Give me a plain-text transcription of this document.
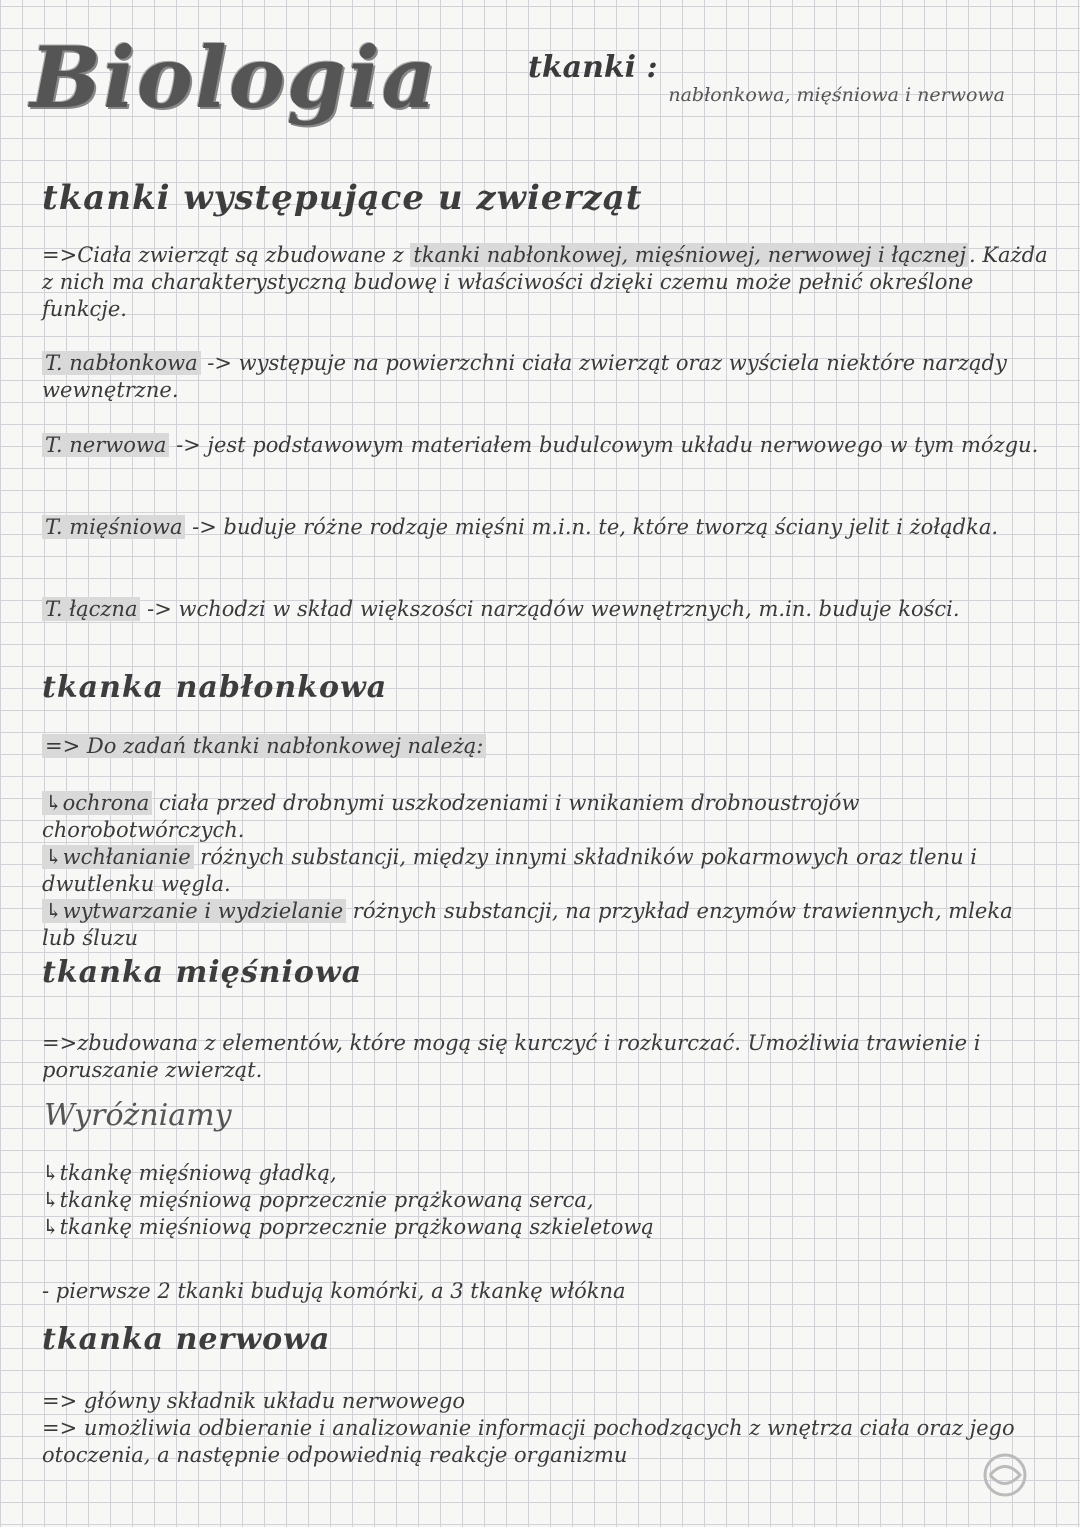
Biologia	tkanki :
nabłonkowa, mięśniowa i nerwowa
tkanki występujące u zwierząt
=>Ciała zwierząt są zbudowane z tkanki nabłonkowej, mięśniowej, nerwowej i łącznej . Każda z nich ma charakterystyczną budowę i właściwości dzięki czemu może pełnić określone funkcje.
T. nabłonkowa -> występuje na powierzchni ciała zwierząt oraz wyściela niektóre narządy wewnętrzne.
T. nerwowa -> jest podstawowym materiałem budulcowym układu nerwowego w tym mózgu.
T. mięśniowa -> buduje różne rodzaje mięśni m.i.n. te, które tworzą ściany jelit i żołądka.
T. łączna -> wchodzi w skład większości narządów wewnętrznych, m.in. buduje kości.
tkanka nabłonkowa
=> Do zadań tkanki nabłonkowej należą:
↳ochrona ciała przed drobnymi uszkodzeniami i wnikaniem drobnoustrojów chorobotwórczych.
↳wchłanianie różnych substancji, między innymi składników pokarmowych oraz tlenu i dwutlenku węgla.
↳wytwarzanie i wydzielanie różnych substancji, na przykład enzymów trawiennych, mleka lub śluzu
tkanka mięśniowa
=>zbudowana z elementów, które mogą się kurczyć i rozkurczać. Umożliwia trawienie i poruszanie zwierząt.
Wyróżniamy
↳tkankę mięśniową gładką,
↳tkankę mięśniową poprzecznie prążkowaną serca,
↳tkankę mięśniową poprzecznie prążkowaną szkieletową
- pierwsze 2 tkanki budują komórki, a 3 tkankę włókna
tkanka nerwowa
=> główny składnik układu nerwowego
=> umożliwia odbieranie i analizowanie informacji pochodzących z wnętrza ciała oraz jego otoczenia, a następnie odpowiednią reakcje organizmu
